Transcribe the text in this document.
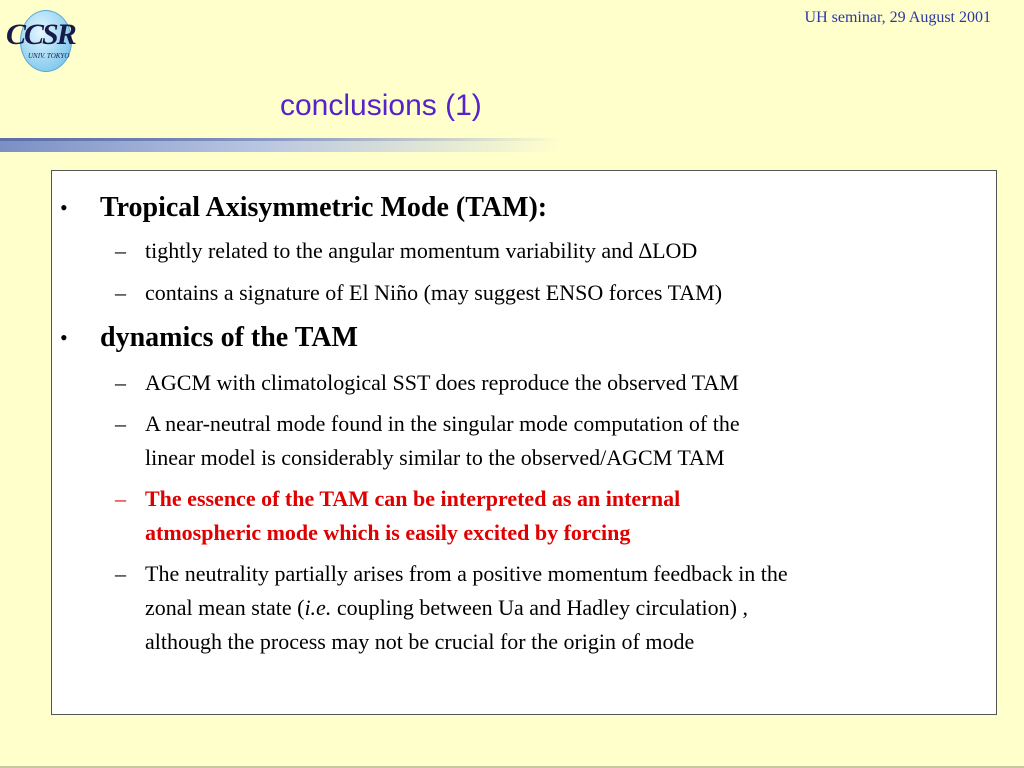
CCSR
UNIV. TOKYO
UH seminar, 29 August 2001
conclusions (1)
• Tropical Axisymmetric Mode (TAM):
– tightly related to the angular momentum variability and ∆LOD
– contains a signature of El Niño (may suggest ENSO forces TAM)
• dynamics of the TAM
– AGCM with climatological SST does reproduce the observed TAM
– A near-neutral mode found in the singular mode computation of the
linear model is considerably similar to the observed/AGCM TAM
– The essence of the TAM can be interpreted as an internal
atmospheric mode which is easily excited by forcing
– The neutrality partially arises from a positive momentum feedback in the
zonal mean state (i.e. coupling between Ua and Hadley circulation) ,
although the process may not be crucial for the origin of mode
